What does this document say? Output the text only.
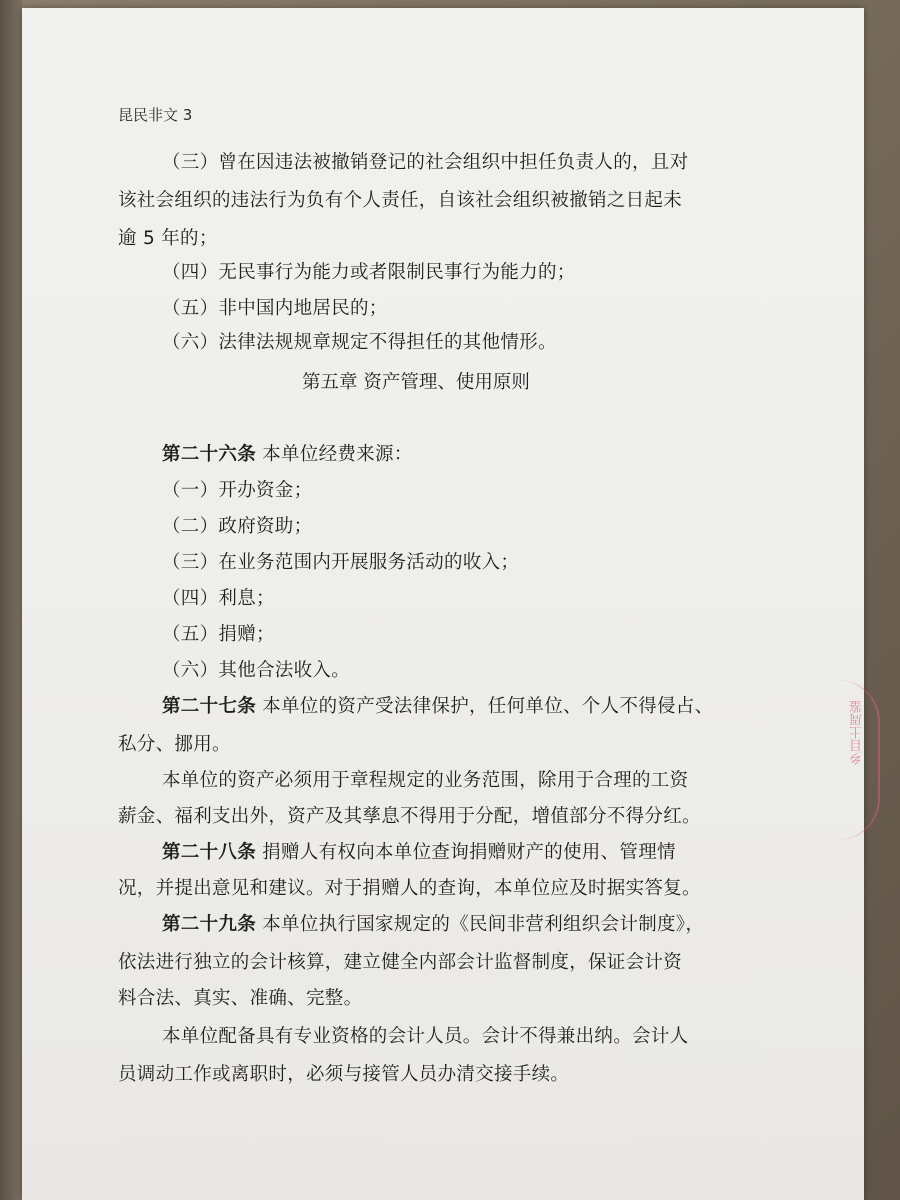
昆民非文 3
（三）曾在因违法被撤销登记的社会组织中担任负责人的，且对
该社会组织的违法行为负有个人责任，自该社会组织被撤销之日起未
逾 5 年的；
（四）无民事行为能力或者限制民事行为能力的；
（五）非中国内地居民的；
（六）法律法规规章规定不得担任的其他情形。
第五章 资产管理、使用原则
第二十六条 本单位经费来源：
（一）开办资金；
（二）政府资助；
（三）在业务范围内开展服务活动的收入；
（四）利息；
（五）捐赠；
（六）其他合法收入。
第二十七条 本单位的资产受法律保护，任何单位、个人不得侵占、
私分、挪用。
本单位的资产必须用于章程规定的业务范围，除用于合理的工资
薪金、福利支出外，资产及其孳息不得用于分配，增值部分不得分红。
第二十八条 捐赠人有权向本单位查询捐赠财产的使用、管理情
况，并提出意见和建议。对于捐赠人的查询，本单位应及时据实答复。
第二十九条 本单位执行国家规定的《民间非营利组织会计制度》，
依法进行独立的会计核算，建立健全内部会计监督制度，保证会计资
料合法、真实、准确、完整。
本单位配备具有专业资格的会计人员。会计不得兼出纳。会计人
员调动工作或离职时，必须与接管人员办清交接手续。
乡目土周鉴
